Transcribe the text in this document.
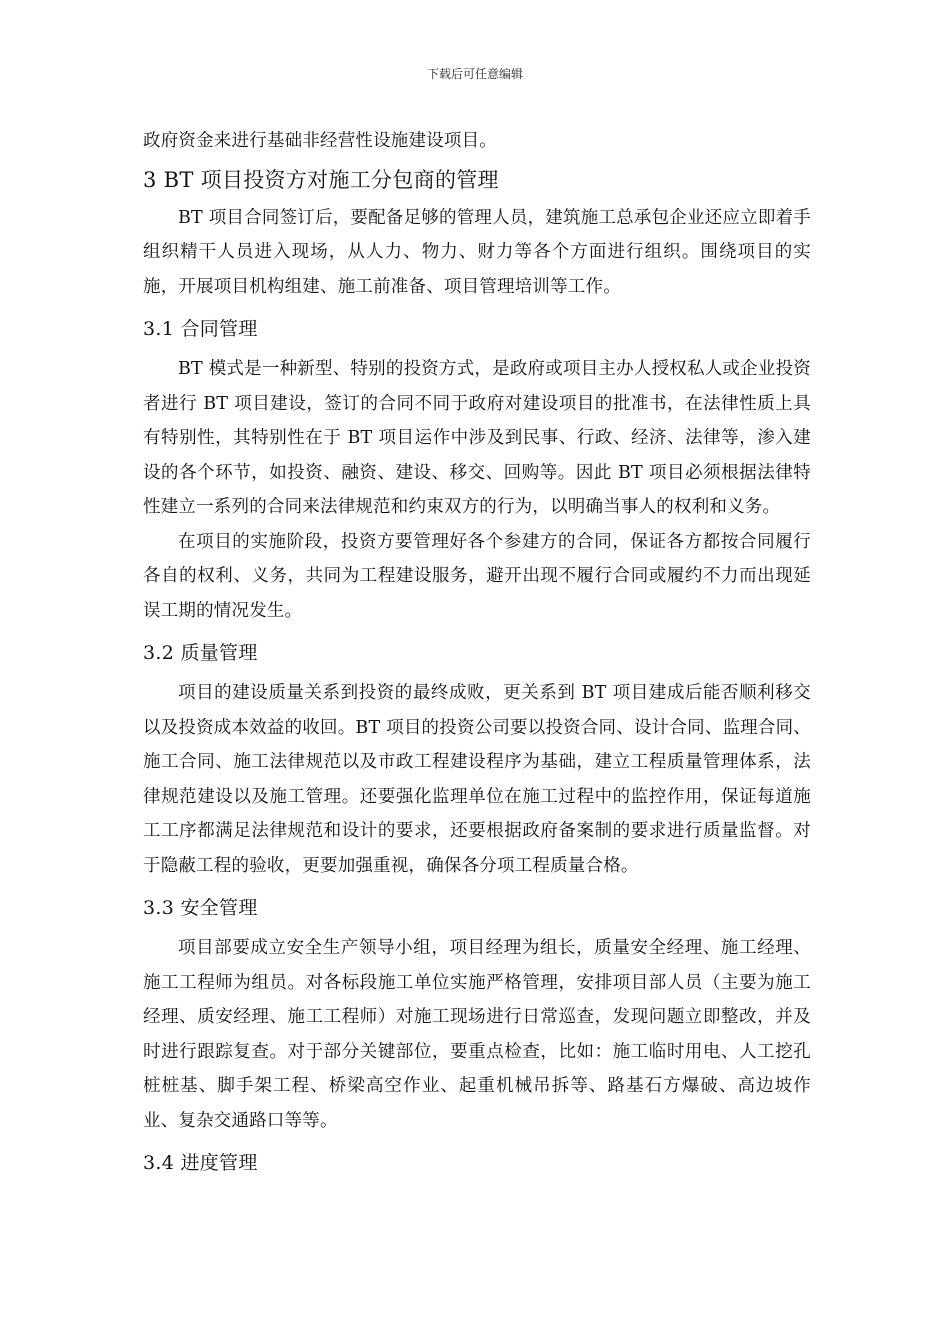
下载后可任意编辑

政府资金来进行基础非经营性设施建设项目。

3 BT 项目投资方对施工分包商的管理

BT 项目合同签订后，要配备足够的管理人员，建筑施工总承包企业还应立即着手组织精干人员进入现场，从人力、物力、财力等各个方面进行组织。围绕项目的实施，开展项目机构组建、施工前准备、项目管理培训等工作。

3.1 合同管理

BT 模式是一种新型、特别的投资方式，是政府或项目主办人授权私人或企业投资者进行 BT 项目建设，签订的合同不同于政府对建设项目的批准书，在法律性质上具有特别性，其特别性在于 BT 项目运作中涉及到民事、行政、经济、法律等，渗入建设的各个环节，如投资、融资、建设、移交、回购等。因此 BT 项目必须根据法律特性建立一系列的合同来法律规范和约束双方的行为，以明确当事人的权利和义务。

在项目的实施阶段，投资方要管理好各个参建方的合同，保证各方都按合同履行各自的权利、义务，共同为工程建设服务，避开出现不履行合同或履约不力而出现延误工期的情况发生。

3.2 质量管理

项目的建设质量关系到投资的最终成败，更关系到 BT 项目建成后能否顺利移交以及投资成本效益的收回。BT 项目的投资公司要以投资合同、设计合同、监理合同、施工合同、施工法律规范以及市政工程建设程序为基础，建立工程质量管理体系，法律规范建设以及施工管理。还要强化监理单位在施工过程中的监控作用，保证每道施工工序都满足法律规范和设计的要求，还要根据政府备案制的要求进行质量监督。对于隐蔽工程的验收，更要加强重视，确保各分项工程质量合格。

3.3 安全管理

项目部要成立安全生产领导小组，项目经理为组长，质量安全经理、施工经理、施工工程师为组员。对各标段施工单位实施严格管理，安排项目部人员（主要为施工经理、质安经理、施工工程师）对施工现场进行日常巡查，发现问题立即整改，并及时进行跟踪复查。对于部分关键部位，要重点检查，比如：施工临时用电、人工挖孔桩桩基、脚手架工程、桥梁高空作业、起重机械吊拆等、路基石方爆破、高边坡作业、复杂交通路口等等。

3.4 进度管理
